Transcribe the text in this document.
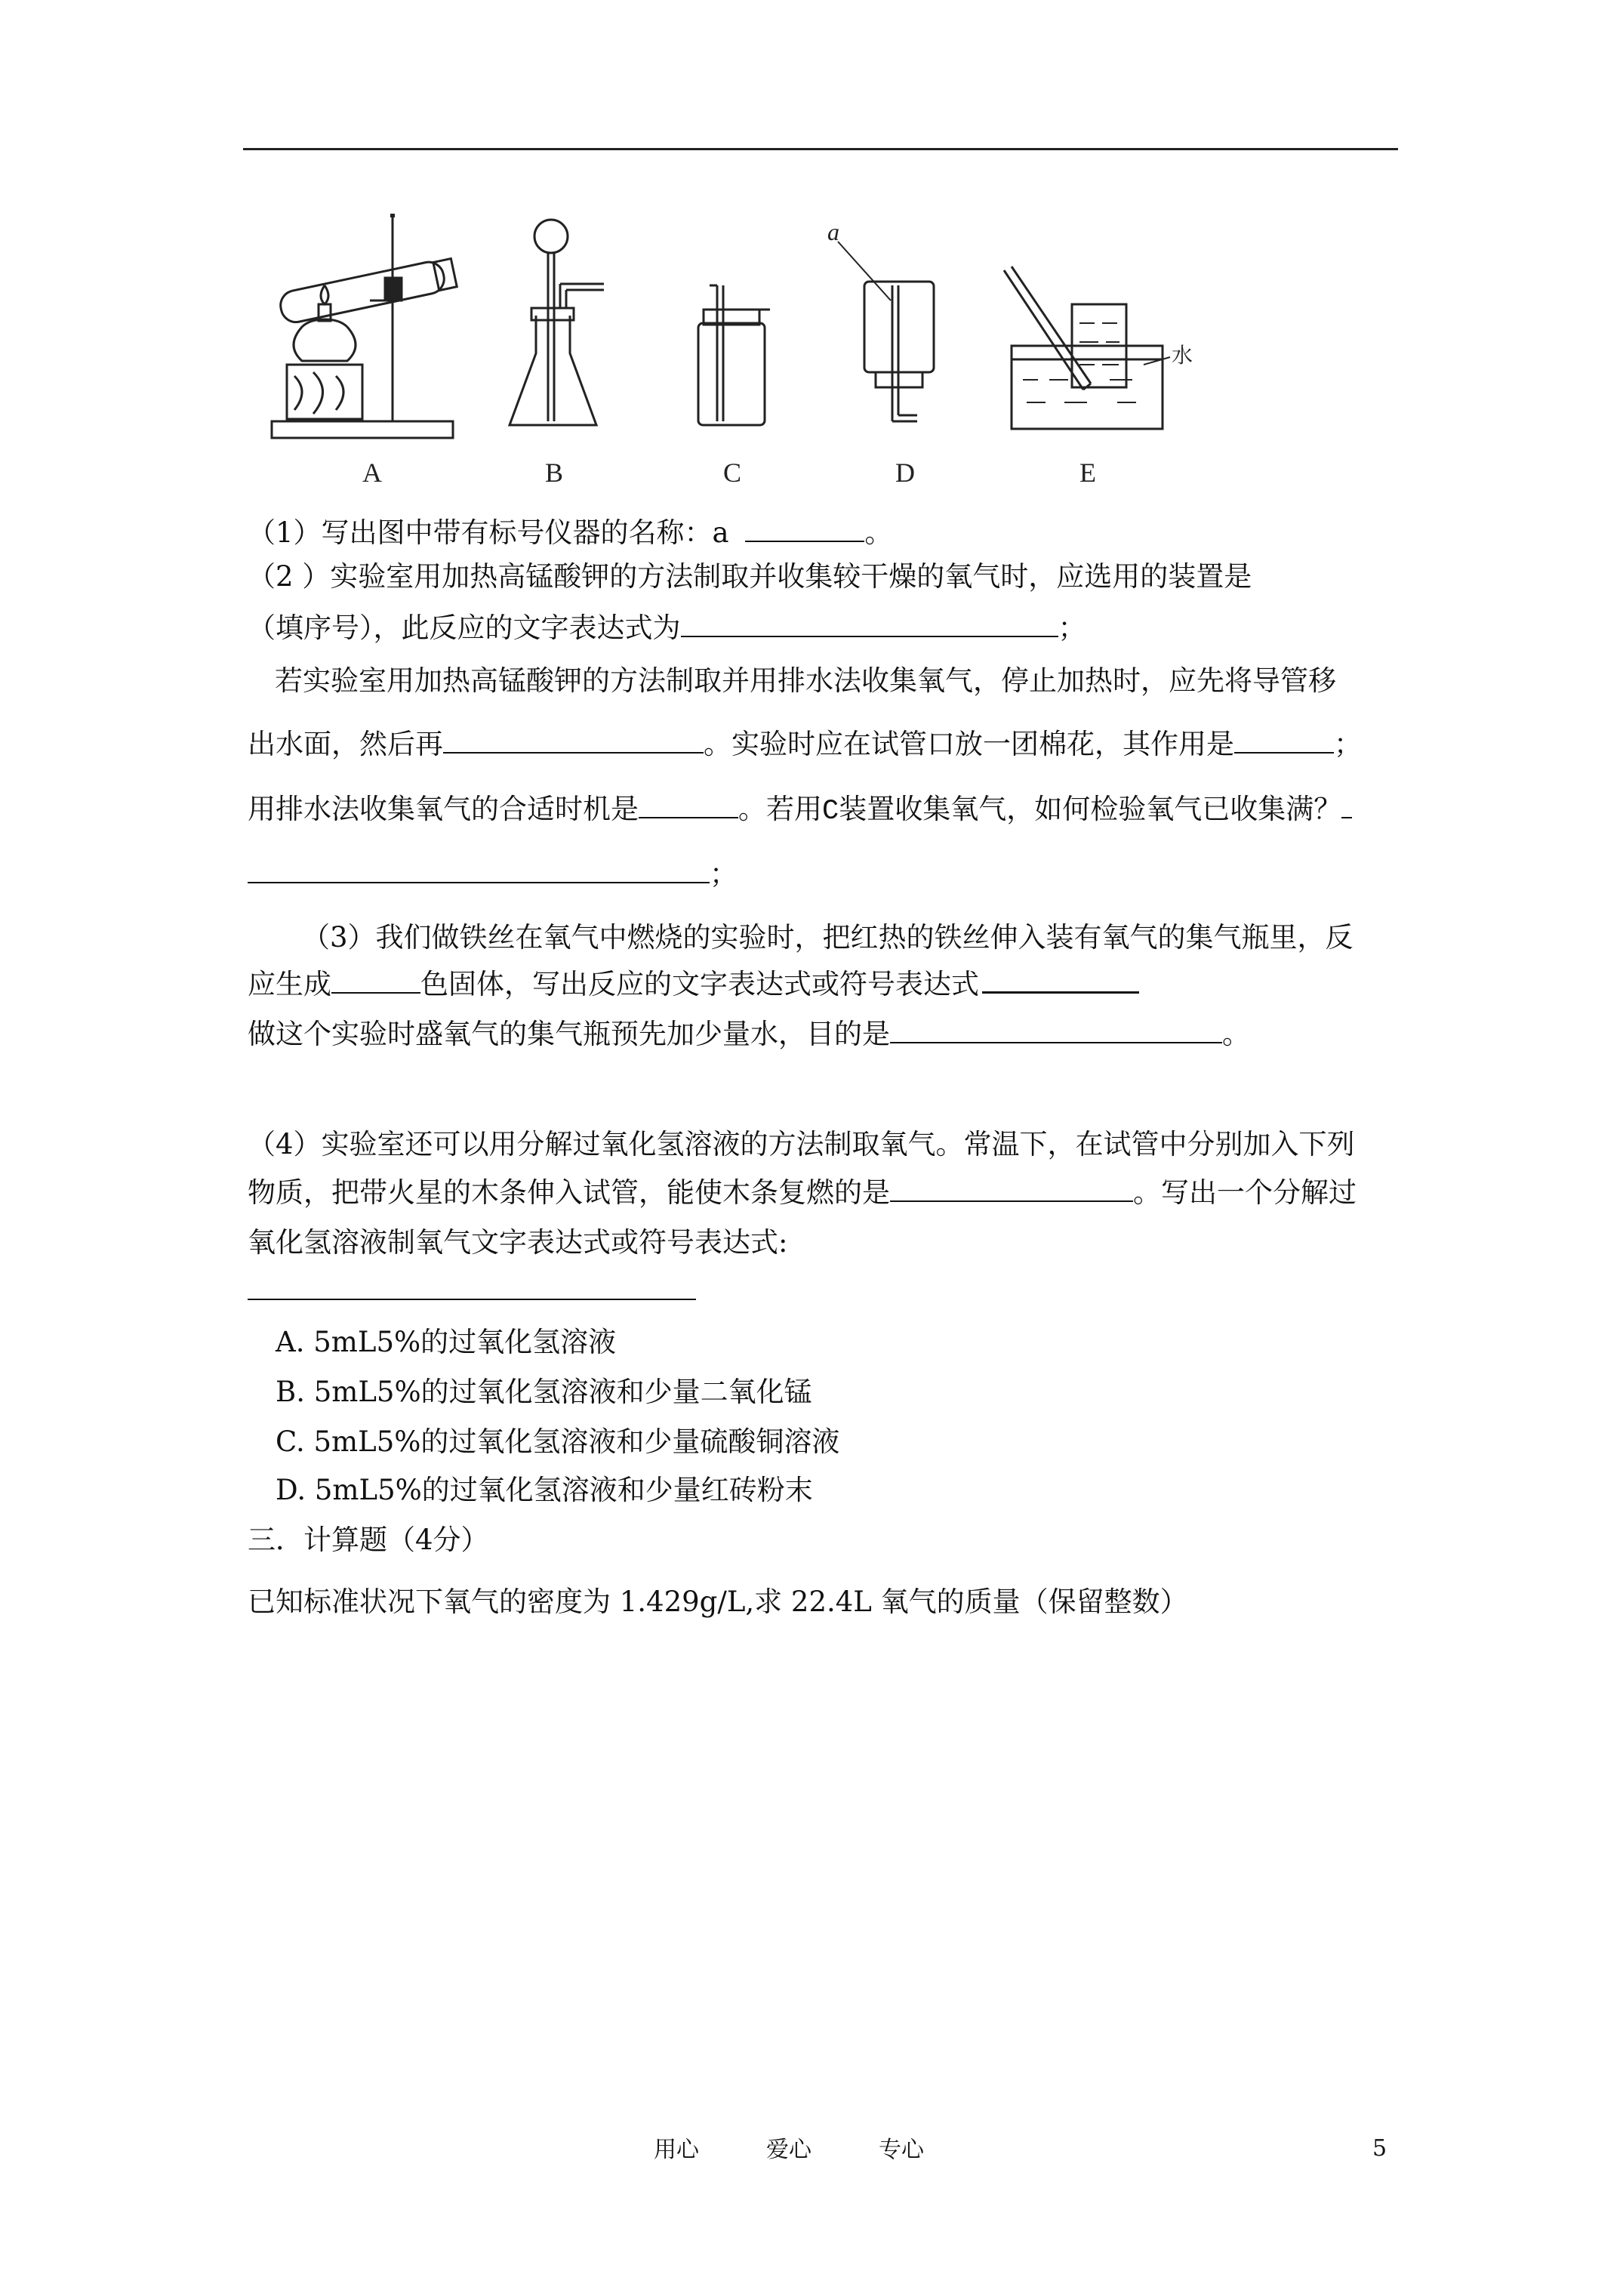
A	B	C
a
D
水
E
（1）写出图中带有标号仪器的名称：a	。
（2 ）实验室用加热高锰酸钾的方法制取并收集较干燥的氧气时，应选用的装置是
（填序号），此反应的文字表达式为	；
若实验室用加热高锰酸钾的方法制取并用排水法收集氧气，停止加热时，应先将导管移
出水面，然后再	。实验时应在试管口放一团棉花，其作用是	；
用排水法收集氧气的合适时机是	。若用C装置收集氧气，如何检验氧气已收集满？
；
（3）我们做铁丝在氧气中燃烧的实验时，把红热的铁丝伸入装有氧气的集气瓶里，反
应生成	色固体，写出反应的文字表达式或符号表达式
做这个实验时盛氧气的集气瓶预先加少量水，目的是	。
（4）实验室还可以用分解过氧化氢溶液的方法制取氧气。常温下，在试管中分别加入下列
物质，把带火星的木条伸入试管，能使木条复燃的是	。写出一个分解过
氧化氢溶液制氧气文字表达式或符号表达式:
A. 5mL5%的过氧化氢溶液
B. 5mL5%的过氧化氢溶液和少量二氧化锰
C. 5mL5%的过氧化氢溶液和少量硫酸铜溶液
D. 5mL5%的过氧化氢溶液和少量红砖粉末
三．计算题（4分）
已知标准状况下氧气的密度为 1.429g/L,求 22.4L 氧气的质量（保留整数）
用心	爱心	专心	5
